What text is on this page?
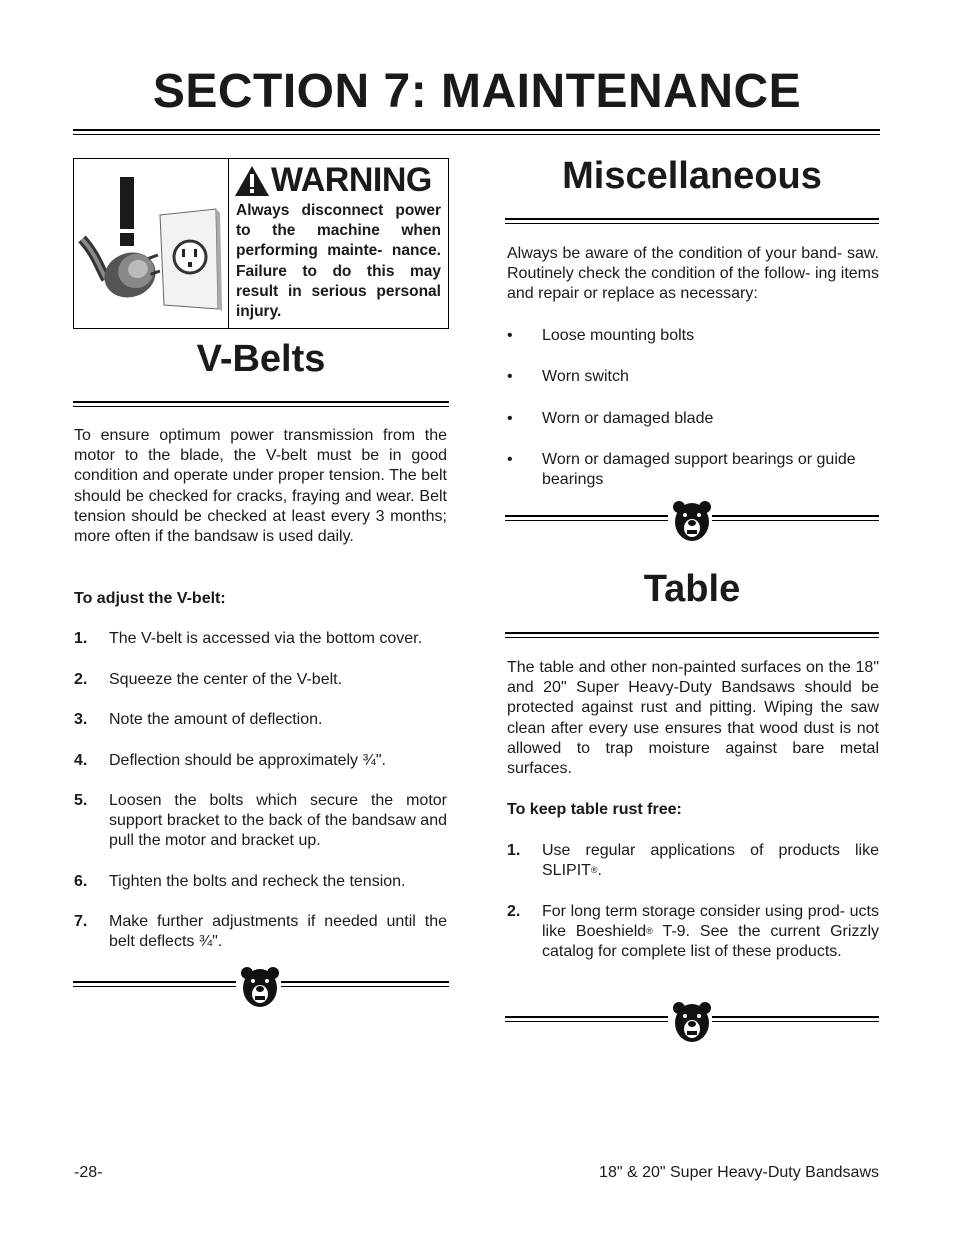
SECTION 7: MAINTENANCE
WARNING
Always disconnect power to the machine when performing mainte- nance. Failure to do this may result in serious personal injury.
V-Belts
To ensure optimum power transmission from the motor to the blade, the V-belt must be in good condition and operate under proper tension. The belt should be checked for cracks, fraying and wear. Belt tension should be checked at least every 3 months; more often if the bandsaw is used daily.
To adjust the V-belt:
1. The V-belt is accessed via the bottom cover.
2. Squeeze the center of the V-belt.
3. Note the amount of deflection.
4. Deflection should be approximately ¾".
5. Loosen the bolts which secure the motor support bracket to the back of the bandsaw and pull the motor and bracket up.
6. Tighten the bolts and recheck the tension.
7. Make further adjustments if needed until the belt deflects ¾".
Miscellaneous
Always be aware of the condition of your band- saw. Routinely check the condition of the follow- ing items and repair or replace as necessary:
• Loose mounting bolts
• Worn switch
• Worn or damaged blade
• Worn or damaged support bearings or guide bearings
Table
The table and other non-painted surfaces on the 18" and 20" Super Heavy-Duty Bandsaws should be protected against rust and pitting. Wiping the saw clean after every use ensures that wood dust is not allowed to trap moisture against bare metal surfaces.
To keep table rust free:
1. Use regular applications of products like SLIPIT®.
2. For long term storage consider using prod- ucts like Boeshield® T-9. See the current Grizzly catalog for complete list of these products.
-28-	18" & 20" Super Heavy-Duty Bandsaws
